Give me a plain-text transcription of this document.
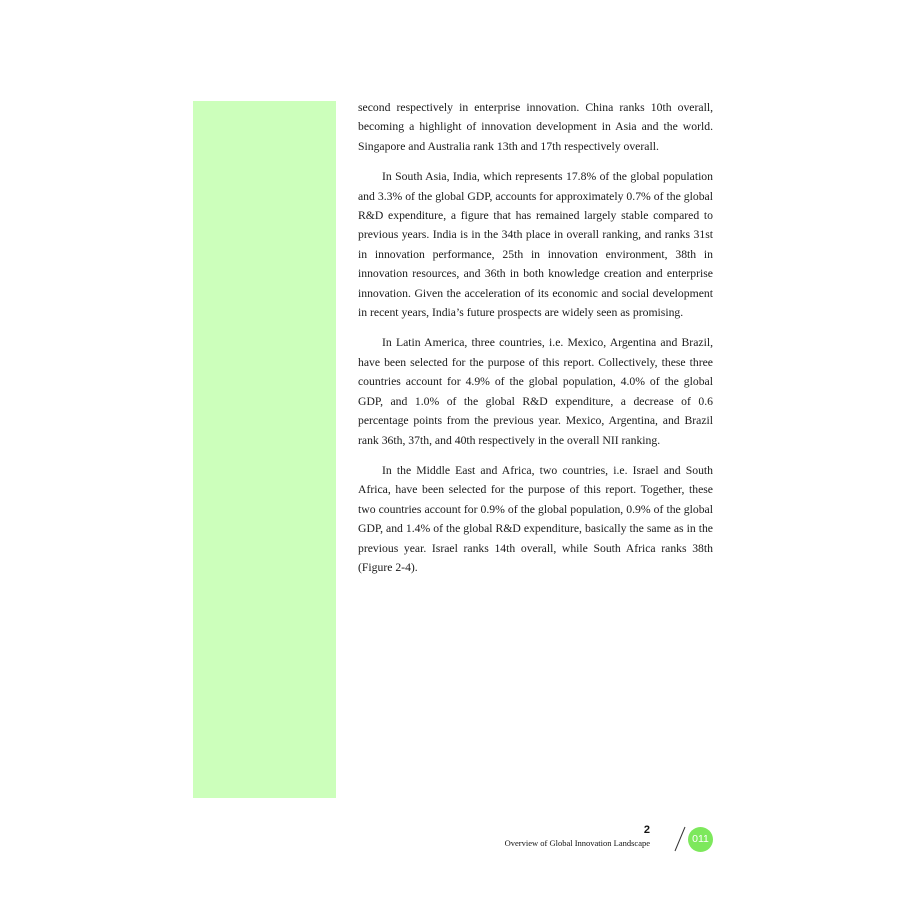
second respectively in enterprise innovation. China ranks 10th overall, becoming a highlight of innovation development in Asia and the world. Singapore and Australia rank 13th and 17th respectively overall.

In South Asia, India, which represents 17.8% of the global population and 3.3% of the global GDP, accounts for approximately 0.7% of the global R&D expenditure, a figure that has remained largely stable compared to previous years. India is in the 34th place in overall ranking, and ranks 31st in innovation performance, 25th in innovation environment, 38th in innovation resources, and 36th in both knowledge creation and enterprise innovation. Given the acceleration of its economic and social development in recent years, India’s future prospects are widely seen as promising.

In Latin America, three countries, i.e. Mexico, Argentina and Brazil, have been selected for the purpose of this report. Collectively, these three countries account for 4.9% of the global population, 4.0% of the global GDP, and 1.0% of the global R&D expenditure, a decrease of 0.6 percentage points from the previous year. Mexico, Argentina, and Brazil rank 36th, 37th, and 40th respectively in the overall NII ranking.

In the Middle East and Africa, two countries, i.e. Israel and South Africa, have been selected for the purpose of this report. Together, these two countries account for 0.9% of the global population, 0.9% of the global GDP, and 1.4% of the global R&D expenditure, basically the same as in the previous year. Israel ranks 14th overall, while South Africa ranks 38th (Figure 2-4).

2
Overview of Global Innovation Landscape	011
